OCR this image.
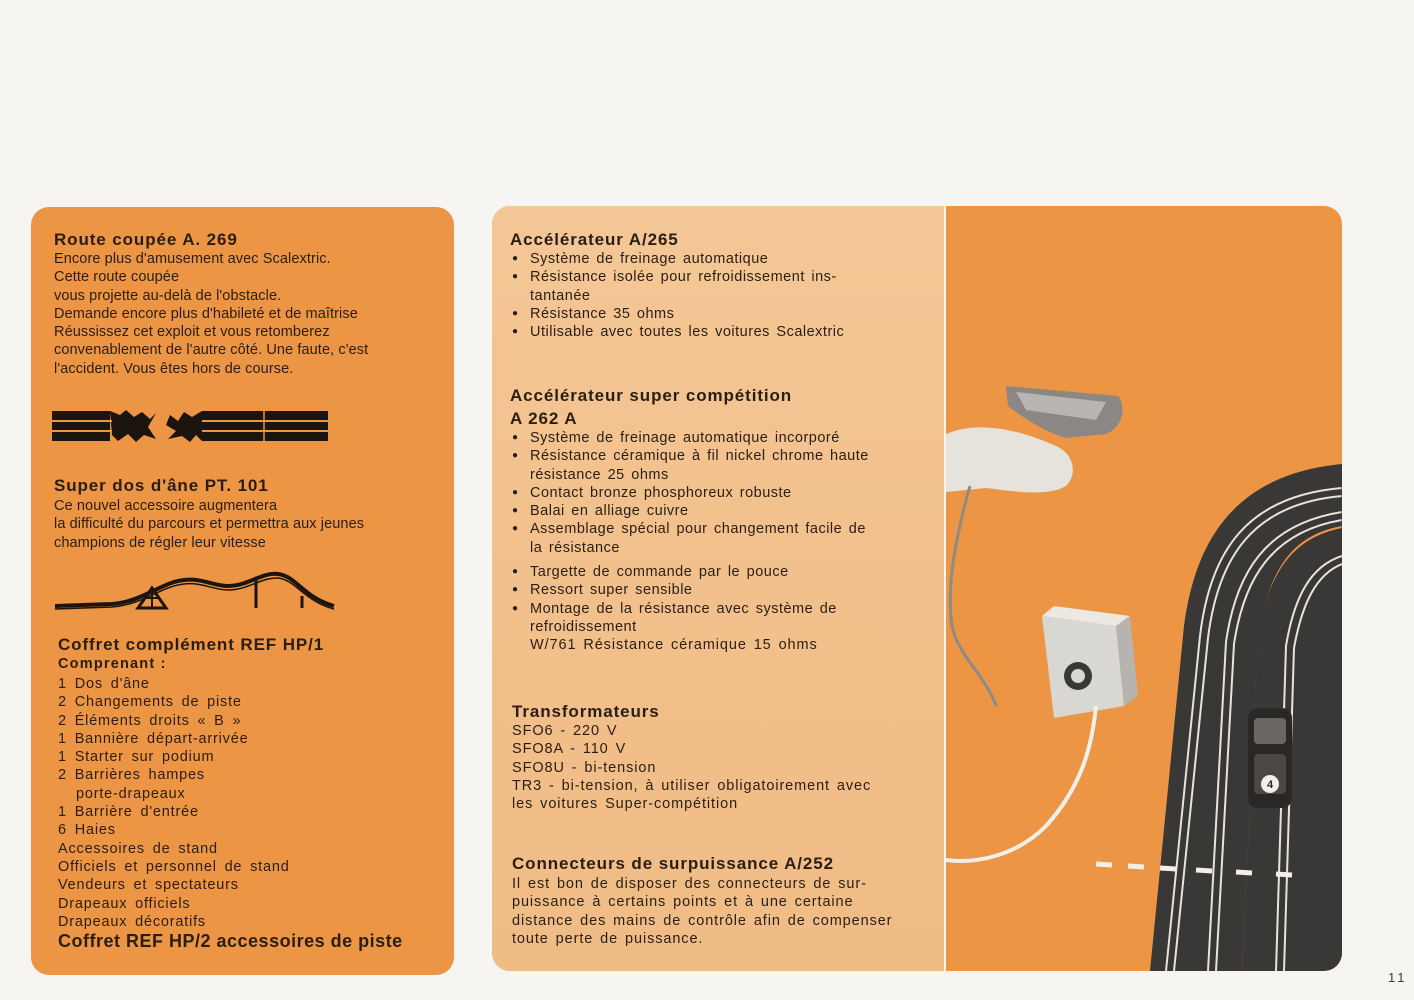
Route coupée A. 269
Encore plus d'amusement avec Scalextric.
Cette route coupée
vous projette au-delà de l'obstacle.
Demande encore plus d'habileté et de maîtrise
Réussissez cet exploit et vous retomberez
convenablement de l'autre côté. Une faute, c'est
l'accident. Vous êtes hors de course.
Super dos d'âne PT. 101
Ce nouvel accessoire augmentera
la difficulté du parcours et permettra aux jeunes
champions de régler leur vitesse
Coffret complément REF HP/1
Comprenant :
1 Dos d'âne
2 Changements de piste
2 Éléments droits « B »
1 Bannière départ-arrivée
1 Starter sur podium
2 Barrières hampes
porte-drapeaux
1 Barrière d'entrée
6 Haies
Accessoires de stand
Officiels et personnel de stand
Vendeurs et spectateurs
Drapeaux officiels
Drapeaux décoratifs
Coffret REF HP/2 accessoires de piste
4
Accélérateur A/265
● Système de freinage automatique
● Résistance isolée pour refroidissement ins-
tantanée
● Résistance 35 ohms
● Utilisable avec toutes les voitures Scalextric
Accélérateur super compétition
A 262 A
● Système de freinage automatique incorporé
● Résistance céramique à fil nickel chrome haute
résistance 25 ohms
● Contact bronze phosphoreux robuste
● Balai en alliage cuivre
● Assemblage spécial pour changement facile de
la résistance
● Targette de commande par le pouce
● Ressort super sensible
● Montage de la résistance avec système de
refroidissement
W/761 Résistance céramique 15 ohms
Transformateurs
SFO6 - 220 V
SFO8A - 110 V
SFO8U - bi-tension
TR3 - bi-tension, à utiliser obligatoirement avec
les voitures Super-compétition
Connecteurs de surpuissance A/252
Il est bon de disposer des connecteurs de sur-
puissance à certains points et à une certaine
distance des mains de contrôle afin de compenser
toute perte de puissance.
11
